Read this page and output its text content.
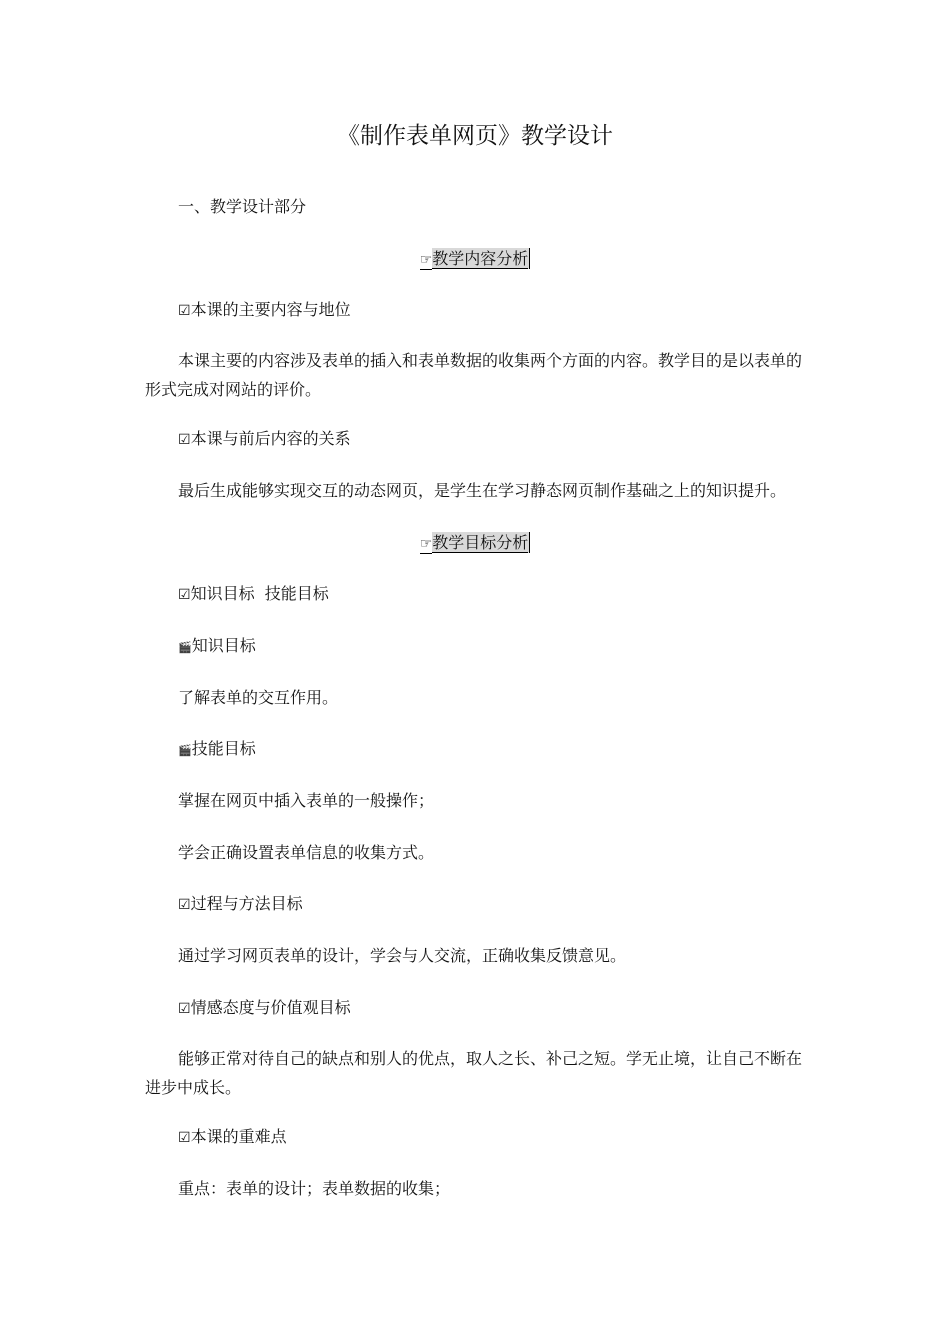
《制作表单网页》教学设计
一、教学设计部分
☞教学内容分析
☑本课的主要内容与地位
本课主要的内容涉及表单的插入和表单数据的收集两个方面的内容。教学目的是以表单的形式完成对网站的评价。
☑本课与前后内容的关系
最后生成能够实现交互的动态网页，是学生在学习静态网页制作基础之上的知识提升。
☞教学目标分析
☑知识目标  技能目标
🎬知识目标
了解表单的交互作用。
🎬技能目标
掌握在网页中插入表单的一般操作；
学会正确设置表单信息的收集方式。
☑过程与方法目标
通过学习网页表单的设计，学会与人交流，正确收集反馈意见。
☑情感态度与价值观目标
能够正常对待自己的缺点和别人的优点，取人之长、补己之短。学无止境，让自己不断在进步中成长。
☑本课的重难点
重点：表单的设计；表单数据的收集；
